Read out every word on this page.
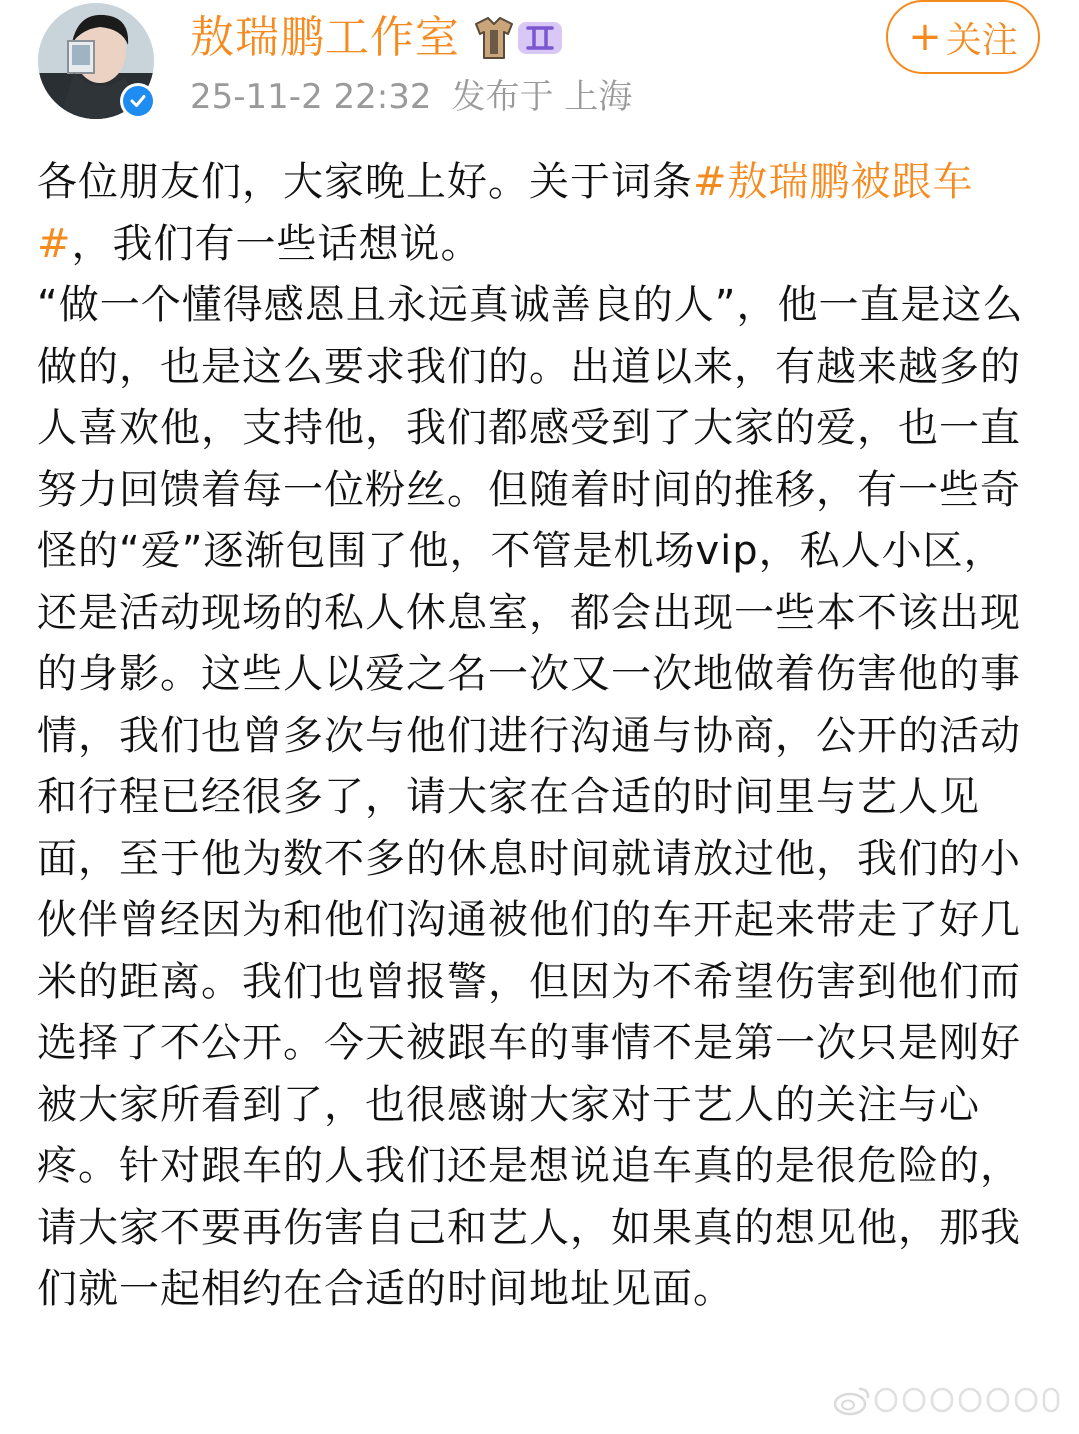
敖瑞鹏工作室
25-11-2 22:32 发布于 上海
+ 关注

各位朋友们，大家晚上好。关于词条#敖瑞鹏被跟车#，我们有一些话想说。

“做一个懂得感恩且永远真诚善良的人”，他一直是这么做的，也是这么要求我们的。出道以来，有越来越多的人喜欢他，支持他，我们都感受到了大家的爱，也一直努力回馈着每一位粉丝。但随着时间的推移，有一些奇怪的“爱”逐渐包围了他，不管是机场vip，私人小区，还是活动现场的私人休息室，都会出现一些本不该出现的身影。这些人以爱之名一次又一次地做着伤害他的事情，我们也曾多次与他们进行沟通与协商，公开的活动和行程已经很多了，请大家在合适的时间里与艺人见面，至于他为数不多的休息时间就请放过他，我们的小伙伴曾经因为和他们沟通被他们的车开起来带走了好几米的距离。我们也曾报警，但因为不希望伤害到他们而选择了不公开。今天被跟车的事情不是第一次只是刚好被大家所看到了，也很感谢大家对于艺人的关注与心疼。针对跟车的人我们还是想说追车真的是很危险的，请大家不要再伤害自己和艺人，如果真的想见他，那我们就一起相约在合适的时间地址见面。
